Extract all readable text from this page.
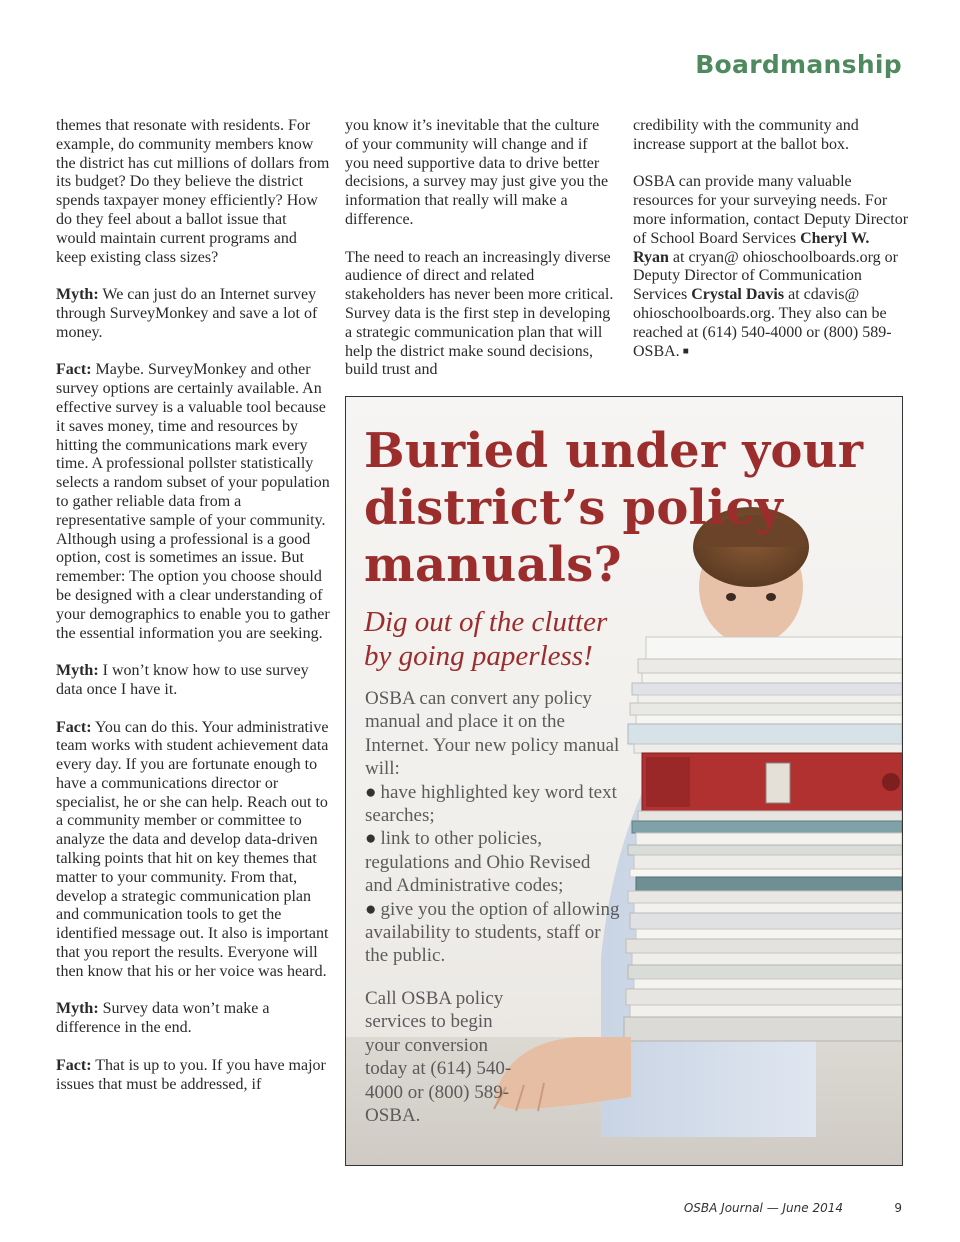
Boardmanship

themes that resonate with residents. For example, do community members know the district has cut millions of dollars from its budget? Do they believe the district spends taxpayer money efficiently? How do they feel about a ballot issue that would maintain current programs and keep existing class sizes?

Myth: We can just do an Internet survey through SurveyMonkey and save a lot of money.

Fact: Maybe. SurveyMonkey and other survey options are certainly available. An effective survey is a valuable tool because it saves money, time and resources by hitting the communications mark every time. A professional pollster statistically selects a random subset of your population to gather reliable data from a representative sample of your community. Although using a professional is a good option, cost is sometimes an issue. But remember: The option you choose should be designed with a clear understanding of your demographics to enable you to gather the essential information you are seeking.

Myth: I won’t know how to use survey data once I have it.

Fact: You can do this. Your administrative team works with student achievement data every day. If you are fortunate enough to have a communications director or specialist, he or she can help. Reach out to a community member or committee to analyze the data and develop data-driven talking points that hit on key themes that matter to your community. From that, develop a strategic communication plan and communication tools to get the identified message out. It also is important that you report the results. Everyone will then know that his or her voice was heard.

Myth: Survey data won’t make a difference in the end.

Fact: That is up to you. If you have major issues that must be addressed, if

you know it’s inevitable that the culture of your community will change and if you need supportive data to drive better decisions, a survey may just give you the information that really will make a difference.

The need to reach an increasingly diverse audience of direct and related stakeholders has never been more critical. Survey data is the first step in developing a strategic communication plan that will help the district make sound decisions, build trust and

credibility with the community and increase support at the ballot box.

OSBA can provide many valuable resources for your surveying needs. For more information, contact Deputy Director of School Board Services Cheryl W. Ryan at cryan@ ohioschoolboards.org or Deputy Director of Communication Services Crystal Davis at cdavis@ ohioschoolboards.org. They also can be reached at (614) 540-4000 or (800) 589-OSBA. ■

Buried under your district’s policy manuals?

Dig out of the clutter by going paperless!

OSBA can convert any policy manual and place it on the Internet. Your new policy manual will:
● have highlighted key word text searches;
● link to other policies, regulations and Ohio Revised and Administrative codes;
● give you the option of allowing availability to students, staff or the public.
Call OSBA policy services to begin your conversion today at (614) 540-4000 or (800) 589-OSBA.
OSBA Journal — June 2014	9
